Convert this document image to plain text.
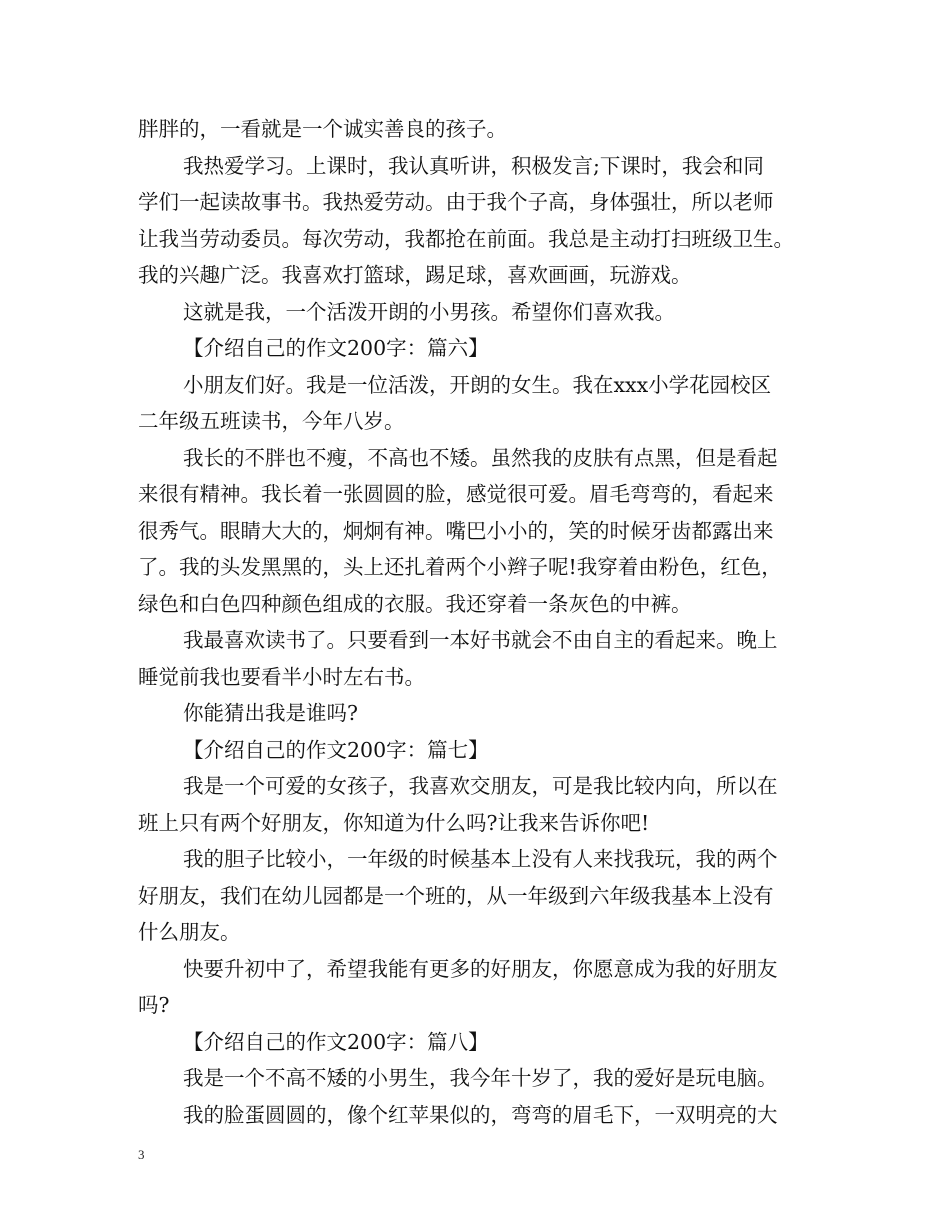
胖胖的，一看就是一个诚实善良的孩子。
我热爱学习。上课时，我认真听讲，积极发言;下课时，我会和同
学们一起读故事书。我热爱劳动。由于我个子高，身体强壮，所以老师
让我当劳动委员。每次劳动，我都抢在前面。我总是主动打扫班级卫生。
我的兴趣广泛。我喜欢打篮球，踢足球，喜欢画画，玩游戏。
这就是我，一个活泼开朗的小男孩。希望你们喜欢我。
【介绍自己的作文200字：篇六】
小朋友们好。我是一位活泼，开朗的女生。我在xxx小学花园校区
二年级五班读书，今年八岁。
我长的不胖也不瘦，不高也不矮。虽然我的皮肤有点黑，但是看起
来很有精神。我长着一张圆圆的脸，感觉很可爱。眉毛弯弯的，看起来
很秀气。眼睛大大的，炯炯有神。嘴巴小小的，笑的时候牙齿都露出来
了。我的头发黑黑的，头上还扎着两个小辫子呢!我穿着由粉色，红色，
绿色和白色四种颜色组成的衣服。我还穿着一条灰色的中裤。
我最喜欢读书了。只要看到一本好书就会不由自主的看起来。晚上
睡觉前我也要看半小时左右书。
你能猜出我是谁吗?
【介绍自己的作文200字：篇七】
我是一个可爱的女孩子，我喜欢交朋友，可是我比较内向，所以在
班上只有两个好朋友，你知道为什么吗?让我来告诉你吧!
我的胆子比较小，一年级的时候基本上没有人来找我玩，我的两个
好朋友，我们在幼儿园都是一个班的，从一年级到六年级我基本上没有
什么朋友。
快要升初中了，希望我能有更多的好朋友，你愿意成为我的好朋友
吗?
【介绍自己的作文200字：篇八】
我是一个不高不矮的小男生，我今年十岁了，我的爱好是玩电脑。
我的脸蛋圆圆的，像个红苹果似的，弯弯的眉毛下，一双明亮的大
3
